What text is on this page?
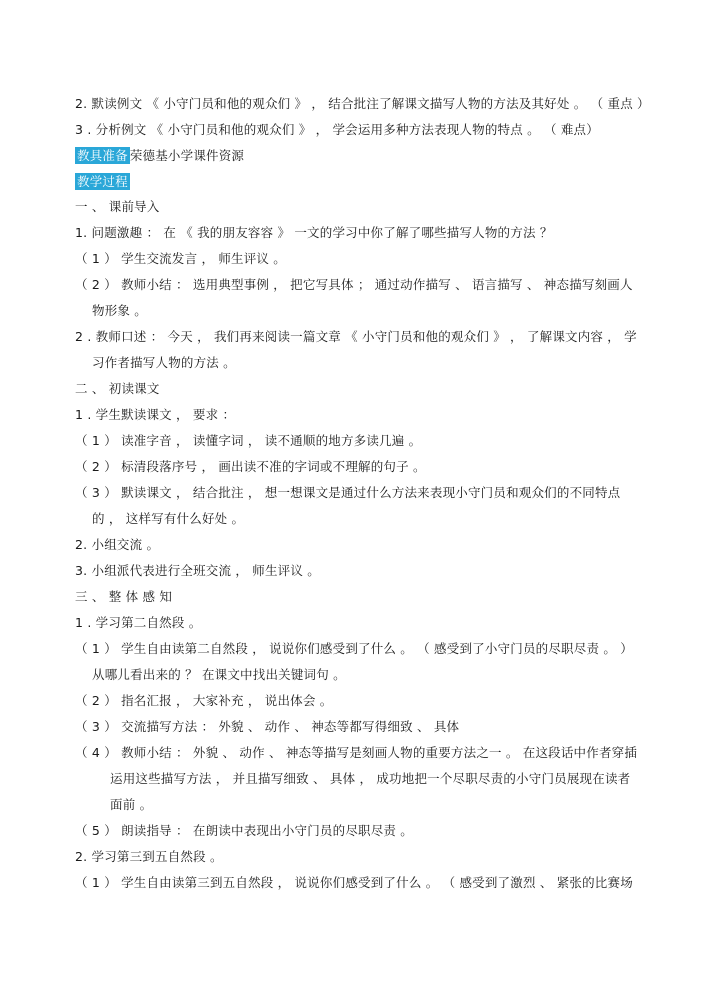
2. 默读例文 《 小守门员和他的观众们 》 ， 结合批注了解课文描写人物的方法及其好处 。 （ 重点 ）
3 . 分析例文 《 小守门员和他的观众们 》 ， 学会运用多种方法表现人物的特点 。 （ 难点）
教具准备 荣德基小学课件资源
教学过程
一 、 课前导入
1. 问题激趣 ： 在 《 我的朋友容容 》 一文的学习中你了解了哪些描写人物的方法 ？
（ 1 ） 学生交流发言 ， 师生评议 。
（ 2 ） 教师小结 ： 选用典型事例 ， 把它写具体 ； 通过动作描写 、 语言描写 、 神态描写刻画人
物形象 。
2 . 教师口述 ： 今天 ， 我们再来阅读一篇文章 《 小守门员和他的观众们 》 ， 了解课文内容 ， 学
习作者描写人物的方法 。
二 、 初读课文
1 . 学生默读课文 ， 要求 ：
（ 1 ） 读准字音 ， 读懂字词 ， 读不通顺的地方多读几遍 。
（ 2 ） 标清段落序号 ， 画出读不准的字词或不理解的句子 。
（ 3 ） 默读课文 ， 结合批注 ， 想一想课文是通过什么方法来表现小守门员和观众们的不同特点
的 ， 这样写有什么好处 。
2. 小组交流 。
3. 小组派代表进行全班交流 ， 师生评议 。
三 、 整 体 感 知
1 . 学习第二自然段 。
（ 1 ） 学生自由读第二自然段 ， 说说你们感受到了什么 。 （ 感受到了小守门员的尽职尽责 。 ）
从哪儿看出来的 ？ 在课文中找出关键词句 。
（ 2 ） 指名汇报 ， 大家补充 ， 说出体会 。
（ 3 ） 交流描写方法 ： 外貌 、 动作 、 神态等都写得细致 、 具体
（ 4 ） 教师小结 ： 外貌 、 动作 、 神态等描写是刻画人物的重要方法之一 。 在这段话中作者穿插
运用这些描写方法 ， 并且描写细致 、 具体 ， 成功地把一个尽职尽责的小守门员展现在读者
面前 。
（ 5 ） 朗读指导 ： 在朗读中表现出小守门员的尽职尽责 。
2. 学习第三到五自然段 。
（ 1 ） 学生自由读第三到五自然段 ， 说说你们感受到了什么 。 （ 感受到了激烈 、 紧张的比赛场
